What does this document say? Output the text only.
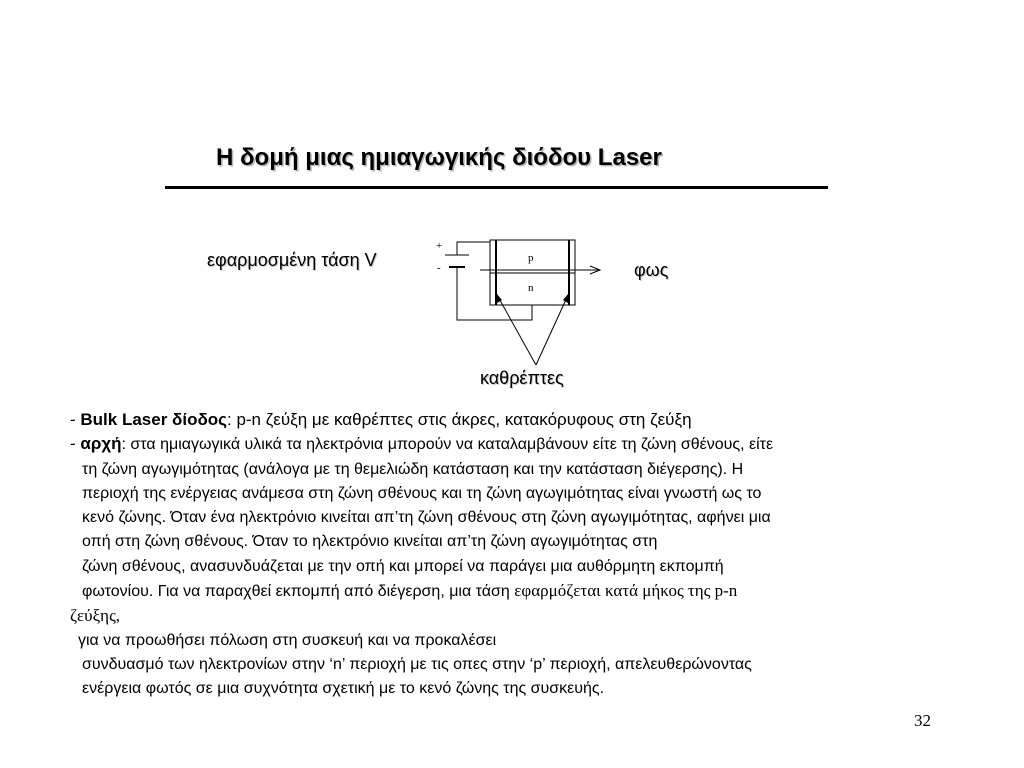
Η δομή μιας ημιαγωγικής διόδου Laser
εφαρμοσμένη τάση V	φως
καθρέπτες
+
-
p
n
- Bulk Laser δίοδος: p-n ζεύξη με καθρέπτες στις άκρες, κατακόρυφους στη ζεύξη
- αρχή: στα ημιαγωγικά υλικά τα ηλεκτρόνια μπορούν να καταλαμβάνουν είτε τη ζώνη σθένους, είτε
τη ζώνη αγωγιμότητας (ανάλογα με τη θεμελιώδη κατάσταση και την κατάσταση διέγερσης). Η
περιοχή της ενέργειας ανάμεσα στη ζώνη σθένους και τη ζώνη αγωγιμότητας είναι γνωστή ως το
κενό ζώνης. Όταν ένα ηλεκτρόνιο κινείται απ’τη ζώνη σθένους στη ζώνη αγωγιμότητας, αφήνει μια
οπή στη ζώνη σθένους. Όταν το ηλεκτρόνιο κινείται απ’τη ζώνη αγωγιμότητας στη
ζώνη σθένους, ανασυνδυάζεται με την οπή και μπορεί να παράγει μια αυθόρμητη εκπομπή
φωτονίου. Για να παραχθεί εκπομπή από διέγερση, μια τάση εφαρμόζεται κατά μήκος της p-n
ζεύξης,
για να προωθήσει πόλωση στη συσκευή και να προκαλέσει
συνδυασμό των ηλεκτρονίων στην ‘n’ περιοχή με τις οπες στην ‘p’ περιοχή, απελευθερώνοντας
ενέργεια φωτός σε μια συχνότητα σχετική με το κενό ζώνης της συσκευής.
32
